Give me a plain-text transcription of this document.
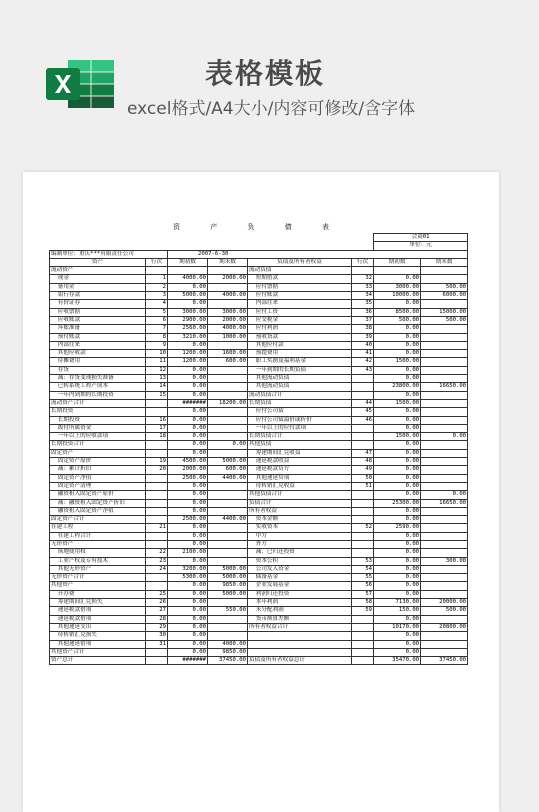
表格模板
excel格式/A4大小/内容可修改/含字体
资 产 负 债 表
						会商01	
						单位：元	
编制单位：重庆***有限责任公司		2007-6-30					
资产	行次	期初数	期末数	负债及所有者权益	行次	期初数	期末数
流动资产				流动负债			
现金	1	4000.00	2000.00	短期借款	32	0.00	
备用金	2	0.00		应付票据	33	3000.00	500.00
银行存款	3	5000.00	4000.00	应付账款	34	10000.00	6000.00
有价证券	4	0.00		内部往来	35	0.00	
应收票据	5	3000.00	3000.00	应付工资	36	8500.00	15000.00
应收账款	6	2900.00	2000.00	应交税金	37	500.00	500.00
坏账准备	7	2560.00	4000.00	应付利润	38	0.00	
预付账款	8	3210.00	1000.00	预收货款	39	0.00	
内部往来	9	0.00		其他应付款	40	0.00	
其他应收款	10	1200.00	1600.00	预提费用	41	0.00	
待摊费用	11	1200.00	600.00	职工奖励及福利基金	42	1500.00	
存货	12	0.00		一年到期的长期负债	43	0.00	
减：存货变现损失准备	13	0.00		其他流动负债		0.00	
已转系统工程产成本	14	0.00		其他流动负债		23800.00	16650.00
一年内到期的长期投资	15	0.00		流动负债合计		0.00	
流动资产合计		#######	18200.00	长期负债	44	1500.00	
长期投资		0.00		应付公司债	45	0.00	
长期投资	16	0.00		应付公司债溢价或折价	46	0.00	
拨付所属资金	17	0.00		一年以上的应付款项		0.00	
一年以上的应收款项	18	0.00		长期负债合计		1500.00	0.00
长期投资合计		0.00	0.00	其他负债		0.00	
固定资产		0.00		筹建期间汇兑收益	47	0.00	
固定资产原价	19	4500.00	5000.00	递延税款收益	48	0.00	
减：累计折旧	20	2000.00	600.00	递延税款贷方	49	0.00	
固定资产净值		2500.00	4400.00	其他递延贷项	50	0.00	
固定资产清理		0.00		待转销汇兑收益	51	0.00	
融资租入固定资产原价		0.00		其他负债合计		0.00	0.00
减：融资租入固定资产折旧		0.00		负债合计		25300.00	16650.00
融资租入固定资产净值		0.00		所有者权益		0.00	
固定资产合计		2500.00	4400.00	资本金额		0.00	
在建工程	21	0.00		实收资本	52	2590.00	
在建工程合计		0.00		中方		0.00	
无形资产		0.00		外方		0.00	
场地使用权	22	2100.00		减：已归还投资		0.00	
工业产权及专有技术	23	0.00		资本公积	53	0.00	300.00
其他无形资产	24	3200.00	5000.00	公司发入资金	54	0.00	
无形资产合计		5300.00	5000.00	储备基金	55	0.00	
其他资产		0.00	9850.00	企业发展基金	56	0.00	
开办费	25	0.00	5000.00	利润归还投资	57	0.00	
筹建期间汇兑损失	26	0.00		本年利润	58	7130.00	20000.00
递延税款借项	27	0.00	550.00	未分配利润	59	150.00	500.00
递延税款借项	28	0.00		货币换算差额		0.00	
其他递延支出	29	0.00		所有者权益合计		10170.00	20800.00
待转销汇兑损失	30	0.00				0.00	
其他递延借项	31	0.00	4000.00			0.00	
其他资产合计		0.00	9850.00			0.00	
资产总计		#######	37450.00	负债及所有者权益总计		35470.00	37450.00
